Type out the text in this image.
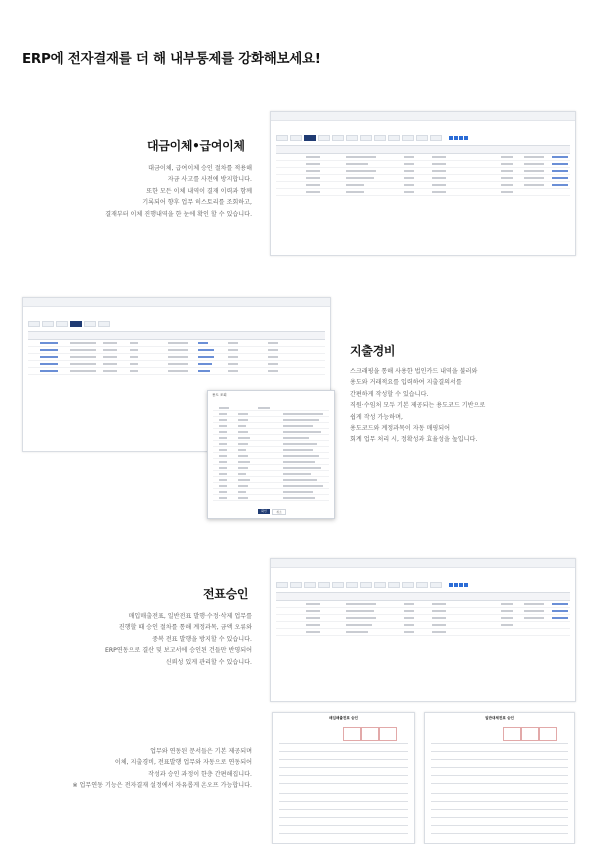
ERP에 전자결재를 더 해 내부통제를 강화해보세요!
대금이체•급여이체
대금이체, 급여이체 승인 절차를 적용해
자금 사고를 사전에 방지합니다.
또한 모든 이체 내역이 결재 이력과 함께
기록되어 향후 업무 히스토리를 조회하고,
결재부터 이체 진행내역을 한 눈에 확인 할 수 있습니다.

용도 조회
확인	취소
지출경비
스크래핑을 통해 사용한 법인카드 내역을 불러와
용도와 거래적요를 입력하여 지출결의서를
간편하게 작성할 수 있습니다.
직원·수임처 모두 기본 제공되는 용도코드 기반으로
쉽게 작성 가능하며,
용도코드와 계정과목이 자동 매핑되어
회계 업무 처리 시, 정확성과 효율성을 높입니다.
전표승인
매입매출전표, 일반전표 발행·수정·삭제 업무를
진행할 때 승인 절차를 통해 계정과목, 금액 오류와
중복 전표 발행을 방지할 수 있습니다.
ERP연동으로 결산 및 보고서에 승인된 건들만 반영되어
신뢰성 있게 관리할 수 있습니다.

업무와 연동된 문서들은 기본 제공되며
이체, 지출경비, 전표발행 업무와 자동으로 연동되어
작성과 승인 과정이 한층 간편해집니다.
※ 업무연동 기능은 전자결재 설정에서 자유롭게 온오프 가능합니다.
매입매출전표 승인	일반대체전표 승인
